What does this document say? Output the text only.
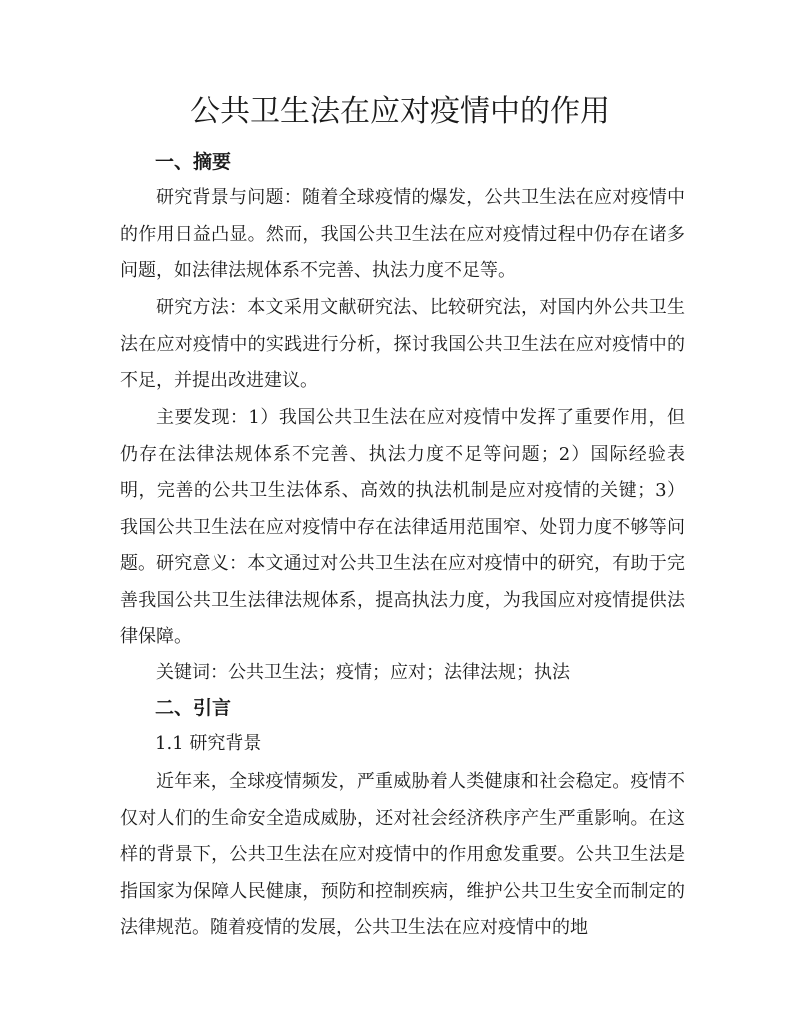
公共卫生法在应对疫情中的作用
一、摘要

研究背景与问题：随着全球疫情的爆发，公共卫生法在应对疫情中的作用日益凸显。然而，我国公共卫生法在应对疫情过程中仍存在诸多问题，如法律法规体系不完善、执法力度不足等。

研究方法：本文采用文献研究法、比较研究法，对国内外公共卫生法在应对疫情中的实践进行分析，探讨我国公共卫生法在应对疫情中的不足，并提出改进建议。

主要发现：1）我国公共卫生法在应对疫情中发挥了重要作用，但仍存在法律法规体系不完善、执法力度不足等问题；2）国际经验表明，完善的公共卫生法体系、高效的执法机制是应对疫情的关键；3）我国公共卫生法在应对疫情中存在法律适用范围窄、处罚力度不够等问题。 研究意义：本文通过对公共卫生法在应对疫情中的研究，有助于完善我国公共卫生法律法规体系，提高执法力度，为我国应对疫情提供法律保障。

关键词：公共卫生法；疫情；应对；法律法规；执法

二、引言

1.1 研究背景

近年来，全球疫情频发，严重威胁着人类健康和社会稳定。疫情不仅对人们的生命安全造成威胁，还对社会经济秩序产生严重影响。在这样的背景下，公共卫生法在应对疫情中的作用愈发重要。公共卫生法是指国家为保障人民健康，预防和控制疾病，维护公共卫生安全而制定的法律规范。随着疫情的发展，公共卫生法在应对疫情中的地
